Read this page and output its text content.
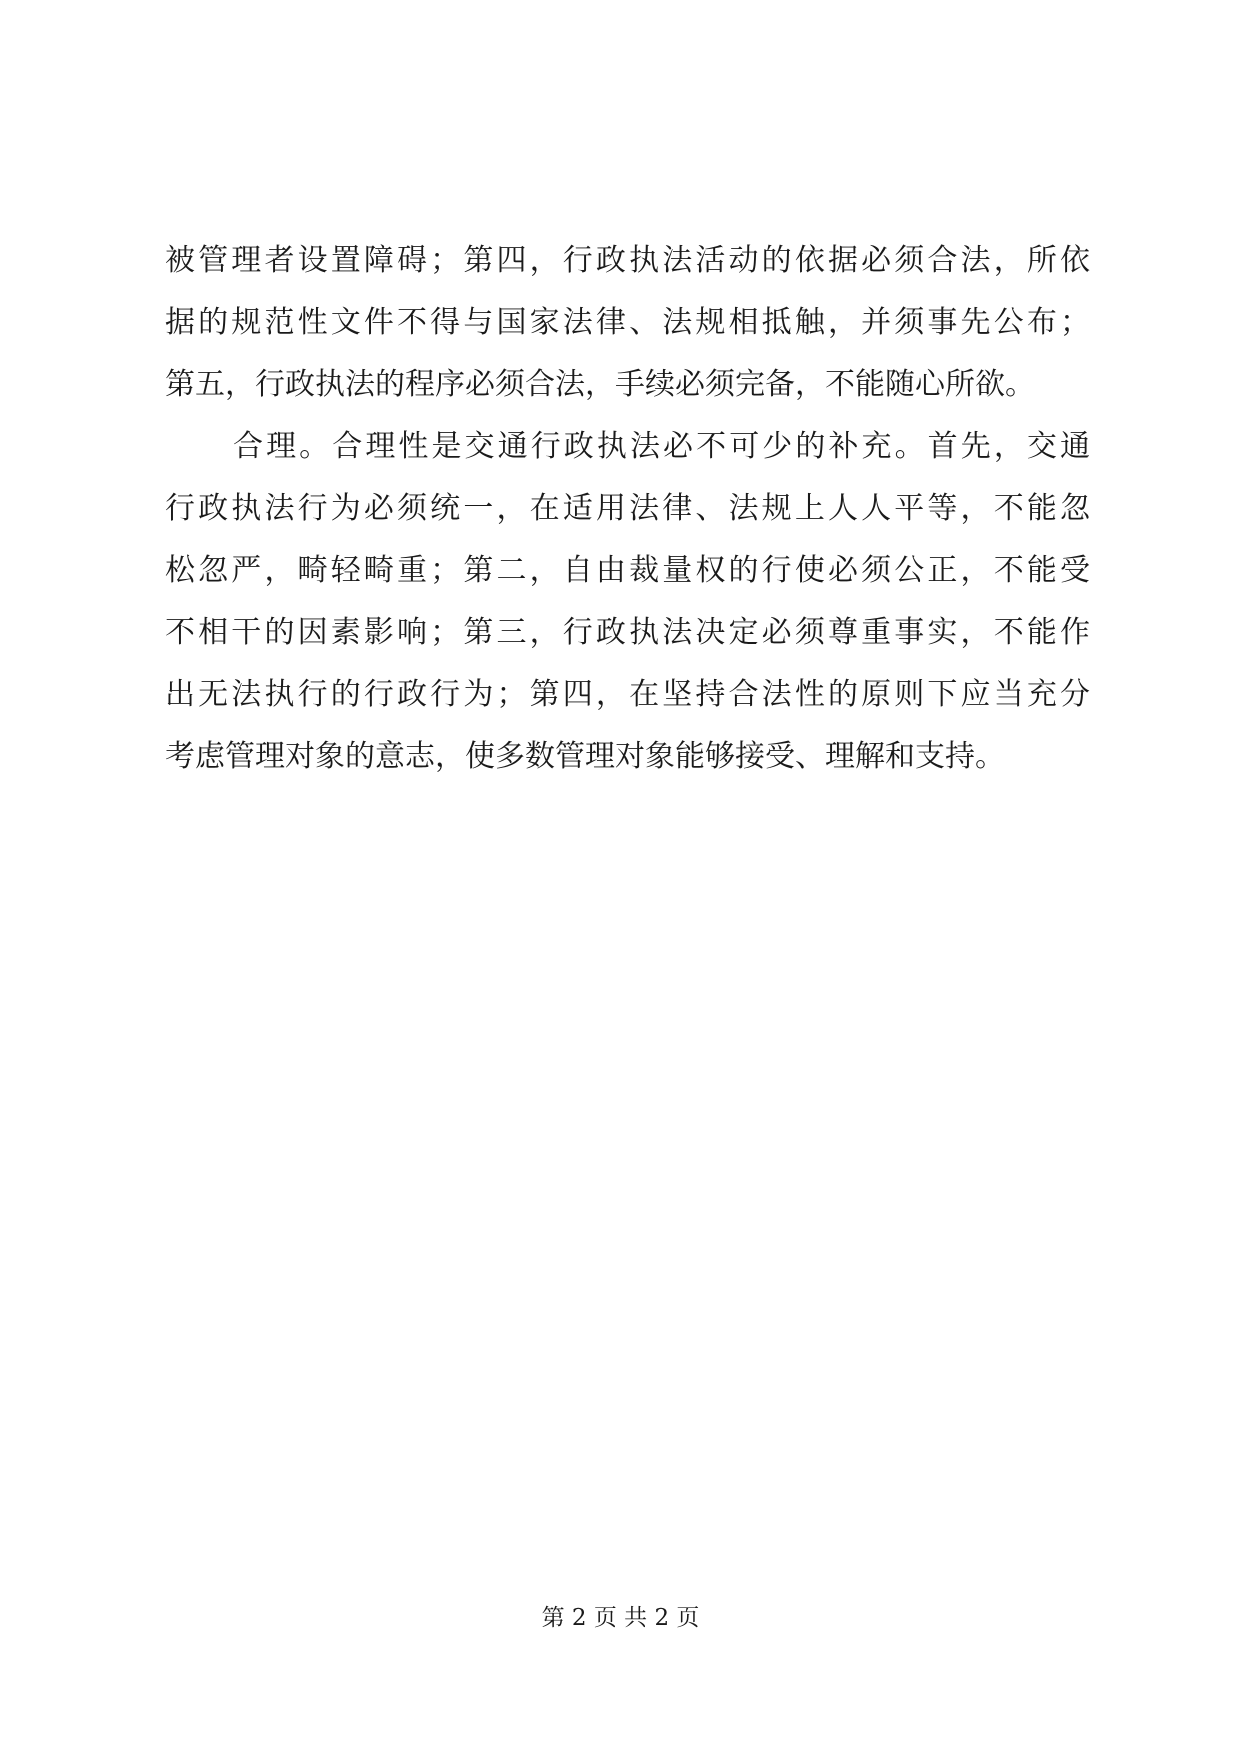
被管理者设置障碍；第四，行政执法活动的依据必须合法，所依
据的规范性文件不得与国家法律、法规相抵触，并须事先公布；
第五，行政执法的程序必须合法，手续必须完备，不能随心所欲。
合理。合理性是交通行政执法必不可少的补充。首先，交通
行政执法行为必须统一，在适用法律、法规上人人平等，不能忽
松忽严，畸轻畸重；第二，自由裁量权的行使必须公正，不能受
不相干的因素影响；第三，行政执法决定必须尊重事实，不能作
出无法执行的行政行为；第四，在坚持合法性的原则下应当充分
考虑管理对象的意志，使多数管理对象能够接受、理解和支持。
第 2 页 共 2 页
